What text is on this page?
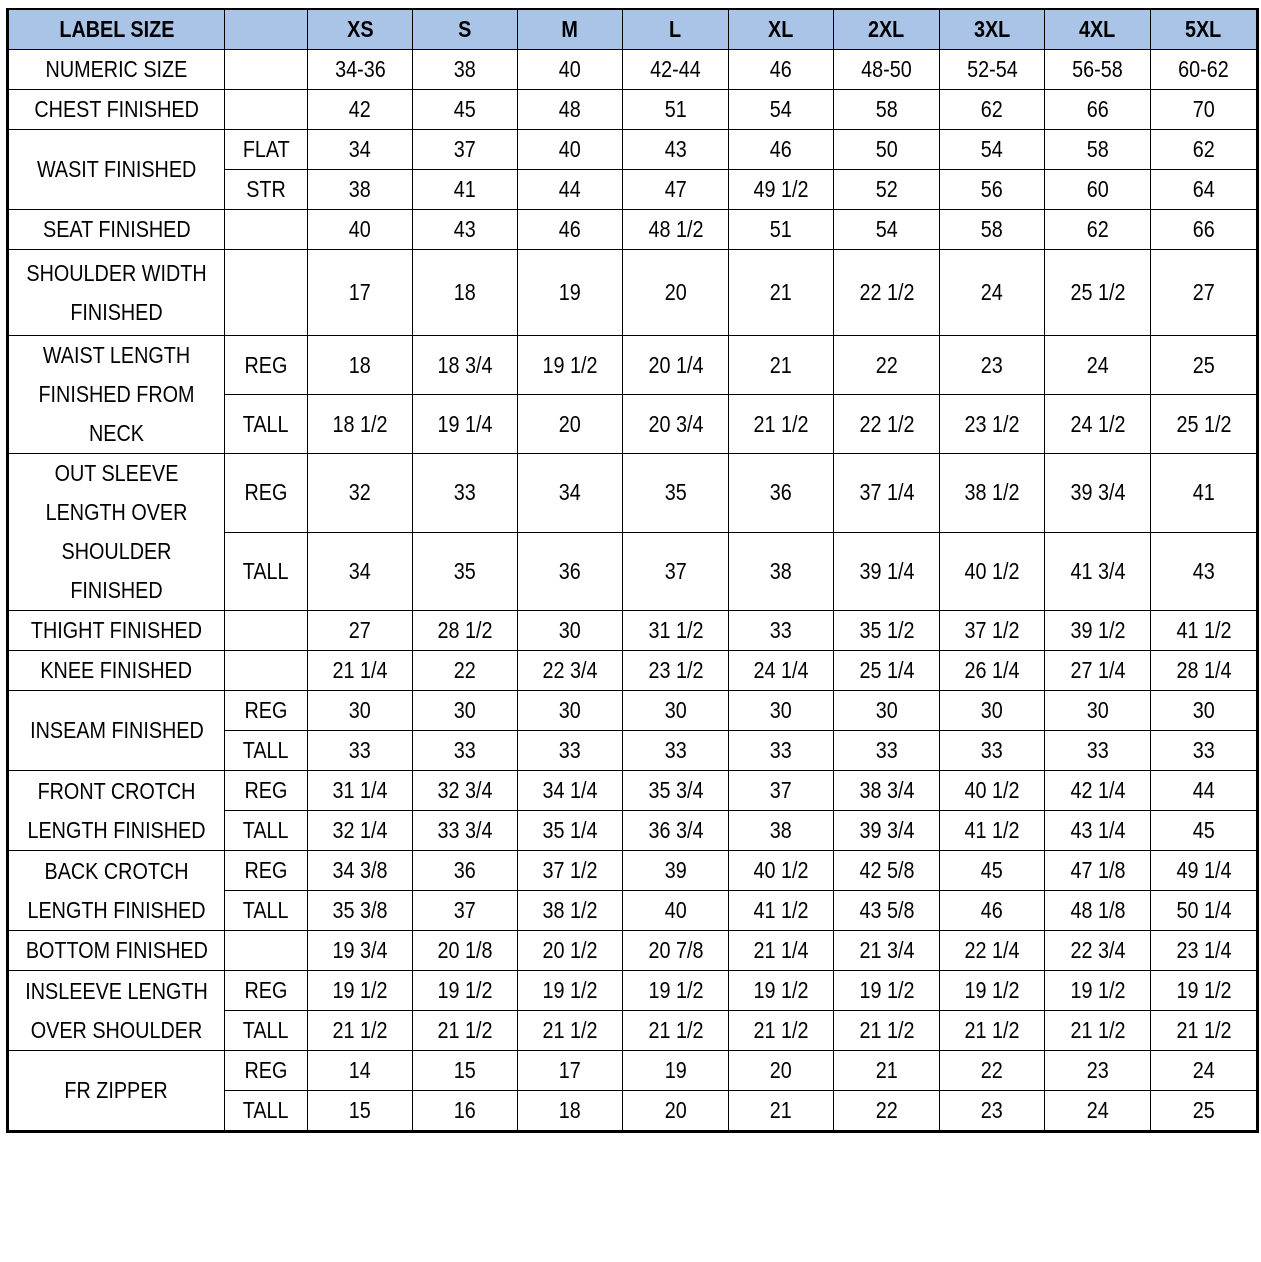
LABEL SIZE		XS	S	M	L	XL	2XL	3XL	4XL	5XL
NUMERIC SIZE		34-36	38	40	42-44	46	48-50	52-54	56-58	60-62
CHEST FINISHED		42	45	48	51	54	58	62	66	70
WASIT FINISHED	FLAT	34	37	40	43	46	50	54	58	62
	STR	38	41	44	47	49 1/2	52	56	60	64
SEAT FINISHED		40	43	46	48 1/2	51	54	58	62	66
SHOULDER WIDTH FINISHED		17	18	19	20	21	22 1/2	24	25 1/2	27
WAIST LENGTH FINISHED FROM NECK	REG	18	18 3/4	19 1/2	20 1/4	21	22	23	24	25
	TALL	18 1/2	19 1/4	20	20 3/4	21 1/2	22 1/2	23 1/2	24 1/2	25 1/2
OUT SLEEVE LENGTH OVER SHOULDER FINISHED	REG	32	33	34	35	36	37 1/4	38 1/2	39 3/4	41
	TALL	34	35	36	37	38	39 1/4	40 1/2	41 3/4	43
THIGHT FINISHED		27	28 1/2	30	31 1/2	33	35 1/2	37 1/2	39 1/2	41 1/2
KNEE FINISHED		21 1/4	22	22 3/4	23 1/2	24 1/4	25 1/4	26 1/4	27 1/4	28 1/4
INSEAM FINISHED	REG	30	30	30	30	30	30	30	30	30
	TALL	33	33	33	33	33	33	33	33	33
FRONT CROTCH LENGTH FINISHED	REG	31 1/4	32 3/4	34 1/4	35 3/4	37	38 3/4	40 1/2	42 1/4	44
	TALL	32 1/4	33 3/4	35 1/4	36 3/4	38	39 3/4	41 1/2	43 1/4	45
BACK CROTCH LENGTH FINISHED	REG	34 3/8	36	37 1/2	39	40 1/2	42 5/8	45	47 1/8	49 1/4
	TALL	35 3/8	37	38 1/2	40	41 1/2	43 5/8	46	48 1/8	50 1/4
BOTTOM FINISHED		19 3/4	20 1/8	20 1/2	20 7/8	21 1/4	21 3/4	22 1/4	22 3/4	23 1/4
INSLEEVE LENGTH OVER SHOULDER	REG	19 1/2	19 1/2	19 1/2	19 1/2	19 1/2	19 1/2	19 1/2	19 1/2	19 1/2
	TALL	21 1/2	21 1/2	21 1/2	21 1/2	21 1/2	21 1/2	21 1/2	21 1/2	21 1/2
FR ZIPPER	REG	14	15	17	19	20	21	22	23	24
	TALL	15	16	18	20	21	22	23	24	25
